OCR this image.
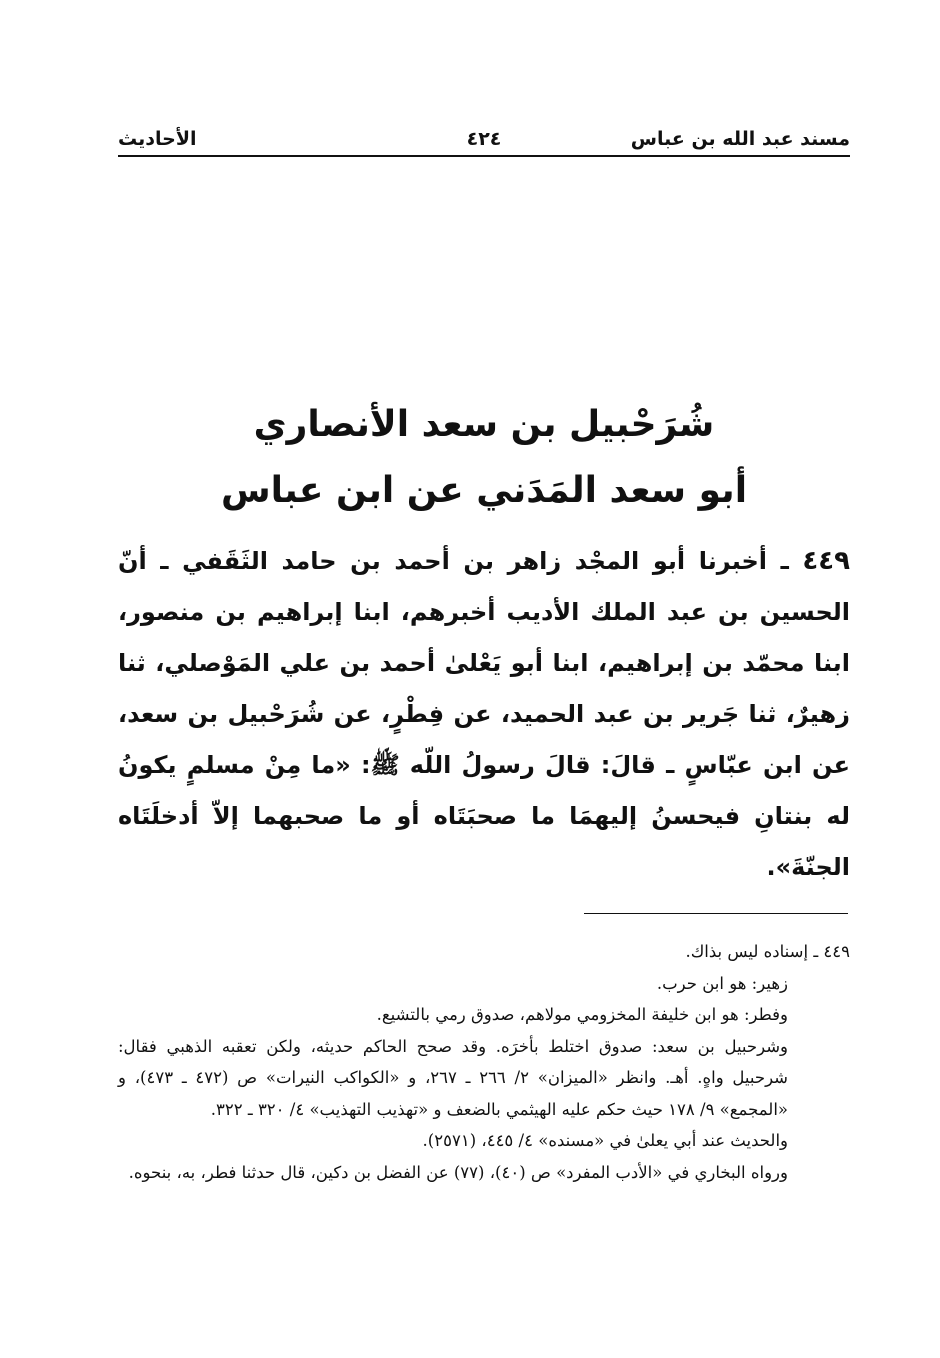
مسند عبد الله بن عباس
٤٢٤
الأحاديث
شُرَحْبيل بن سعد الأنصاري
أبو سعد المَدَني عن ابن عباس
٤٤٩ ـ أخبرنا أبو المجْد زاهر بن أحمد بن حامد الثَقَفي ـ أنّ الحسين بن عبد الملك الأديب أخبرهم، ابنا إبراهيم بن منصور، ابنا محمّد بن إبراهيم، ابنا أبو يَعْلىٰ أحمد بن علي المَوْصلي، ثنا زهيرٌ، ثنا جَرير بن عبد الحميد، عن فِطْرٍ، عن شُرَحْبيل بن سعد، عن ابن عبّاسٍ ـ قالَ: قالَ رسولُ اللّه ﷺ: «ما مِنْ مسلمٍ يكونُ له بنتانِ فيحسنُ إليهمَا ما صحبَتَاه أو ما صحبهما إلاّ أدخلَتَاه الجنّةَ».

٤٤٩ ـ إسناده ليس بذاك.

زهير: هو ابن حرب.

وفطر: هو ابن خليفة المخزومي مولاهم، صدوق رمي بالتشيع.

وشرحبيل بن سعد: صدوق اختلط بأخرَه. وقد صحح الحاكم حديثه، ولكن تعقبه الذهبي فقال: شرحبيل واهٍ. أهـ. وانظر «الميزان» ٢/ ٢٦٦ ـ ٢٦٧، و «الكواكب النيرات» ص (٤٧٢ ـ ٤٧٣)، و «المجمع» ٩/ ١٧٨ حيث حكم عليه الهيثمي بالضعف و «تهذيب التهذيب» ٤/ ٣٢٠ ـ ٣٢٢.

والحديث عند أبي يعلىٰ في «مسنده» ٤/ ٤٤٥، (٢٥٧١).

ورواه البخاري في «الأدب المفرد» ص (٤٠)، (٧٧) عن الفضل بن دكين، قال حدثنا فطر، به، بنحوه.
